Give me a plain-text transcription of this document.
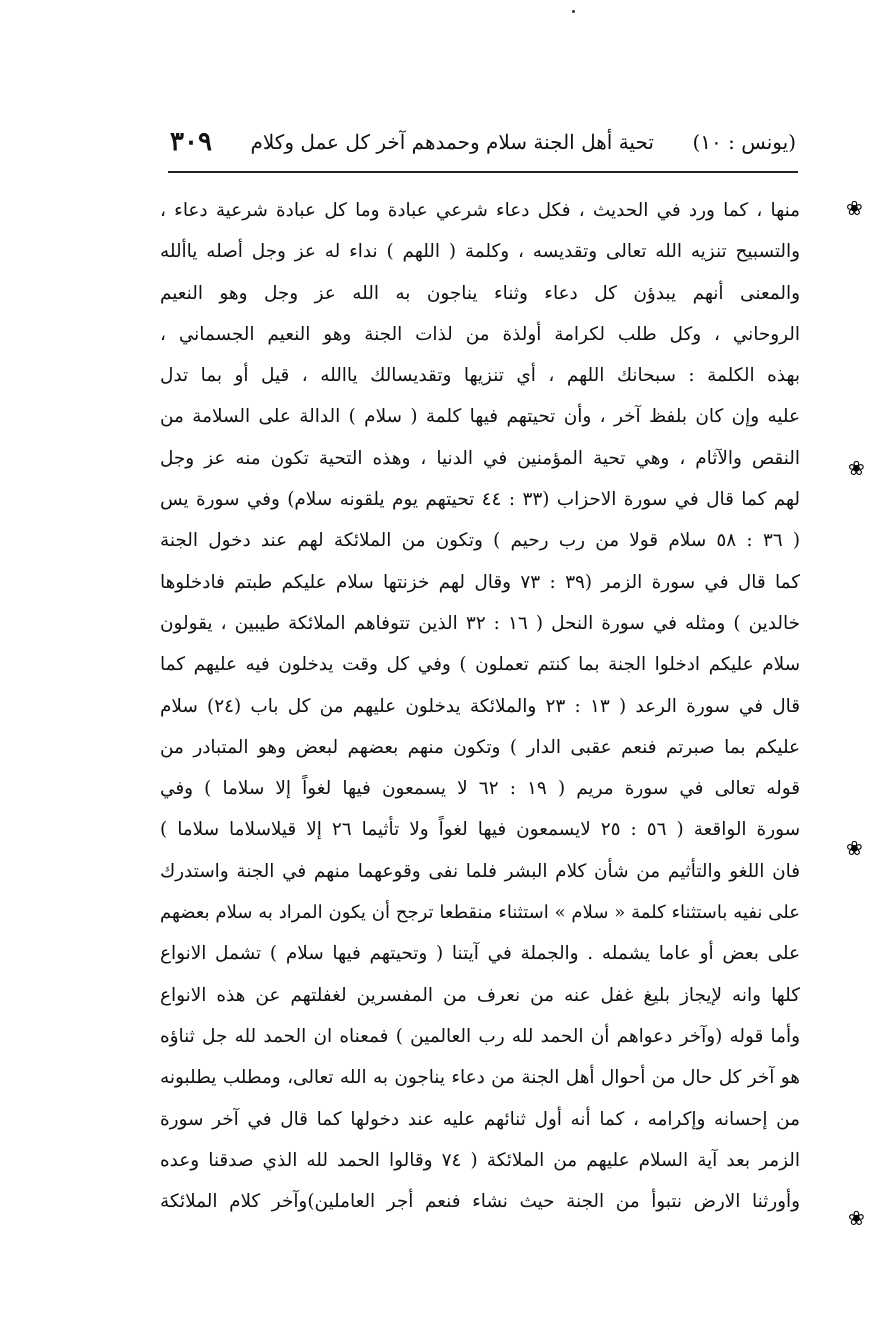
(يونس : ١٠)
تحية أهل الجنة سلام وحمدهم آخر كل عمل وكلام
٣٠٩
منها ، كما ورد في الحديث ، فكل دعاء شرعي عبادة وما كل عبادة شرعية دعاء ،
والتسبيح تنزيه الله تعالى وتقديسه ، وكلمة ( اللهم ) نداء له عز وجل أصله ياألله
والمعنى أنهم يبدؤن كل دعاء وثناء يناجون به الله عز وجل وهو النعيم
الروحاني ، وكل طلب لكرامة أولذة من لذات الجنة وهو النعيم الجسماني ،
بهذه الكلمة : سبحانك اللهم ، أي تنزيها وتقديسالك ياالله ، قيل أو بما تدل
عليه وإن كان بلفظ آخر ، وأن تحيتهم فيها كلمة ( سلام ) الدالة على السلامة من
النقص والآثام ، وهي تحية المؤمنين في الدنيا ، وهذه التحية تكون منه عز وجل
لهم كما قال في سورة الاحزاب (٣٣ : ٤٤ تحيتهم يوم يلقونه سلام) وفي سورة يس
( ٣٦ : ٥٨ سلام قولا من رب رحيم ) وتكون من الملائكة لهم عند دخول الجنة
كما قال في سورة الزمر (٣٩ : ٧٣ وقال لهم خزنتها سلام عليكم طبتم فادخلوها
خالدين ) ومثله في سورة النحل ( ١٦ : ٣٢ الذين تتوفاهم الملائكة طيبين ، يقولون
سلام عليكم ادخلوا الجنة بما كنتم تعملون ) وفي كل وقت يدخلون فيه عليهم كما
قال في سورة الرعد ( ١٣ : ٢٣ والملائكة يدخلون عليهم من كل باب (٢٤) سلام
عليكم بما صبرتم فنعم عقبى الدار ) وتكون منهم بعضهم لبعض وهو المتبادر من
قوله تعالى في سورة مريم ( ١٩ : ٦٢ لا يسمعون فيها لغواً إلا سلاما ) وفي
سورة الواقعة ( ٥٦ : ٢٥ لايسمعون فيها لغواً ولا تأثيما ٢٦ إلا قيلاسلاما سلاما )
فان اللغو والتأثيم من شأن كلام البشر فلما نفى وقوعهما منهم في الجنة واستدرك
على نفيه باستثناء كلمة « سلام » استثناء منقطعا ترجح أن يكون المراد به سلام بعضهم
على بعض أو عاما يشمله . والجملة في آيتنا ( وتحيتهم فيها سلام ) تشمل الانواع
كلها وانه لإيجاز بليغ غفل عنه من نعرف من المفسرين لغفلتهم عن هذه الانواع
وأما قوله (وآخر دعواهم أن الحمد لله رب العالمين ) فمعناه ان الحمد لله جل ثناؤه
هو آخر كل حال من أحوال أهل الجنة من دعاء يناجون به الله تعالى، ومطلب يطلبونه
من إحسانه وإكرامه ، كما أنه أول ثنائهم عليه عند دخولها كما قال في آخر سورة
الزمر بعد آية السلام عليهم من الملائكة ( ٧٤ وقالوا الحمد لله الذي صدقنا وعده
وأورثنا الارض نتبوأ من الجنة حيث نشاء فنعم أجر العاملين)وآخر كلام الملائكة
❀
❀
❀
❀
